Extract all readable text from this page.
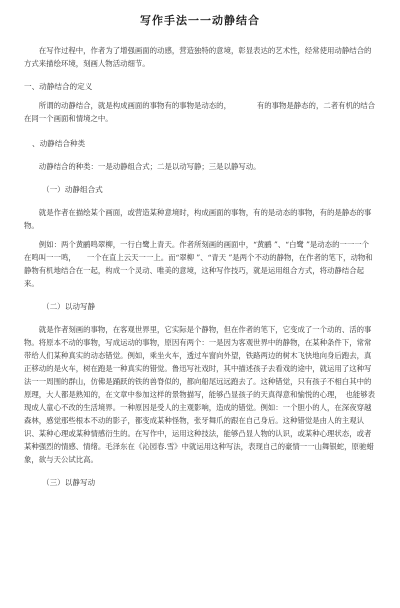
写作手法一一动静结合

在写作过程中，作者为了增强画面的动感，营造独特的意境，彰显表达的艺术性，经常使用动静结合的方式来描绘环境，刻画人物活动细节。

一、动静结合的定义

所谓的动静结合，就是构成画面的事物有的事物是动态的，　　　　有的事物是静态的，二者有机的结合在同一个画面和情境之中。

、动静结合种类

动静结合的种类：一是动静组合式；二是以动写静；三是以静写动。

（一）动静组合式

就是作者在描绘某个画面，或营造某种意境时，构成画面的事物，有的是动态的事物，有的是静态的事物。

例如：两个黄鹂鸣翠柳，一行白鹭上青天。作者所刻画的画面中，“黄鹂 ”、“白鹭 ”是动态的一一一个在鸣叫一一鸣，　　一个在直上云天一一上。而“翠柳 ”、“青天 ”是两个不动的静物，在作者的笔下，动物和静物有机地结合在一起，构成一个灵动、唯美的意境，这种写作技巧，就是运用组合方式，将动静结合起来。

（二）以动写静

就是作者刻画的事物，在客观世界里，它实际是个静物，但在作者的笔下，它变成了一个动的、活的事物。将原本不动的事物，写成运动的事物，原因有两个：一是因为客观世界中的静物，在某种条件下，常常带给人们某种真实的动态错觉。例如，乘坐火车，透过车窗向外望，铁路两边的树木飞快地向身后跑去，真正移动的是火车，树在跑是一种真实的错觉。鲁迅写社戏时，其中描述孩子去看戏的途中，就运用了这种写法一一周围的群山，仿佛是踊跃的铁的兽脊似的，都向船尾远远跑去了。这种错觉，只有孩子不相白其中的原理，大人都是熟知的，在文章中参加这样的景物描写，能够凸显孩子的天真得意和愉悦的心理，　也能够表现成人童心不改的生活境界。一种原因是受人的主观影响，造成的错觉。例如：一个胆小的人，在深夜穿越森林，感觉那些根本不动的影子，都变成某种怪物，张牙舞爪的跟在自己身后。这种错觉是由人的主观认识、某种心理或某种情感衍生的。在写作中，运用这种技法，能够凸显人物的认识，或某种心理状态，或者某种强烈的情感、情绪。毛泽东在《沁园春.雪》中就运用这种写法，表现自己的豪情一一山舞银蛇，原驰蜡象，欲与天公试比高。

（三）以静写动
